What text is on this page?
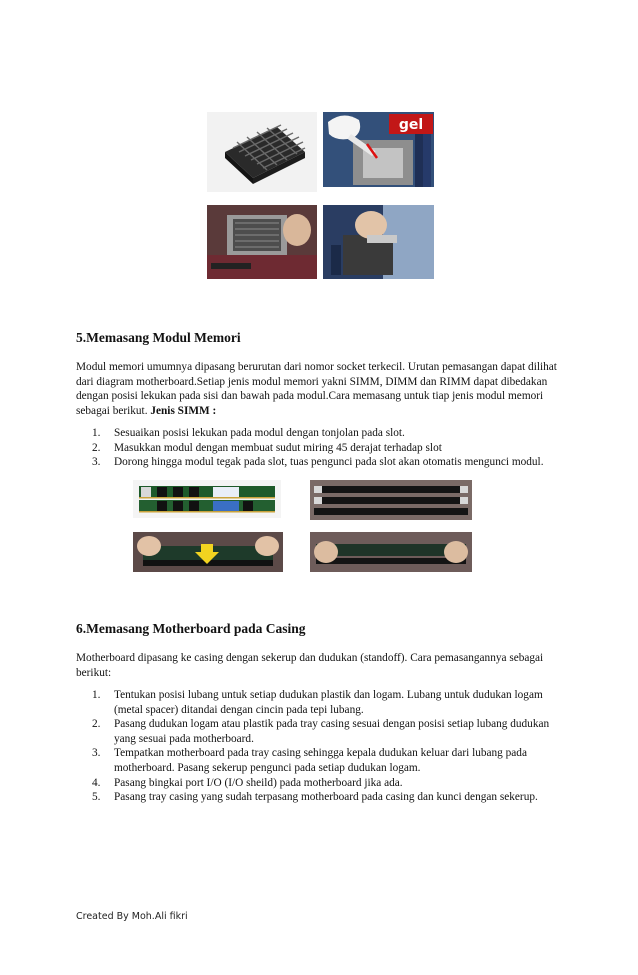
gel
5.Memasang Modul Memori

Modul memori umumnya dipasang berurutan dari nomor socket terkecil. Urutan pemasangan dapat dilihat dari diagram motherboard.Setiap jenis modul memori yakni SIMM, DIMM dan RIMM dapat dibedakan dengan posisi lekukan pada sisi dan bawah pada modul.Cara memasang untuk tiap jenis modul memori sebagai berikut. Jenis SIMM :

1. Sesuaikan posisi lekukan pada modul dengan tonjolan pada slot.
2. Masukkan modul dengan membuat sudut miring 45 derajat terhadap slot
3. Dorong hingga modul tegak pada slot, tuas pengunci pada slot akan otomatis mengunci modul.
6.Memasang Motherboard pada Casing

Motherboard dipasang ke casing dengan sekerup dan dudukan (standoff). Cara pemasangannya sebagai berikut:

1. Tentukan posisi lubang untuk setiap dudukan plastik dan logam. Lubang untuk dudukan logam (metal spacer) ditandai dengan cincin pada tepi lubang.
2. Pasang dudukan logam atau plastik pada tray casing sesuai dengan posisi setiap lubang dudukan yang sesuai pada motherboard.
3. Tempatkan motherboard pada tray casing sehingga kepala dudukan keluar dari lubang pada motherboard. Pasang sekerup pengunci pada setiap dudukan logam.
4. Pasang bingkai port I/O (I/O sheild) pada motherboard jika ada.
5. Pasang tray casing yang sudah terpasang motherboard pada casing dan kunci dengan sekerup.
Created By Moh.Ali fikri
